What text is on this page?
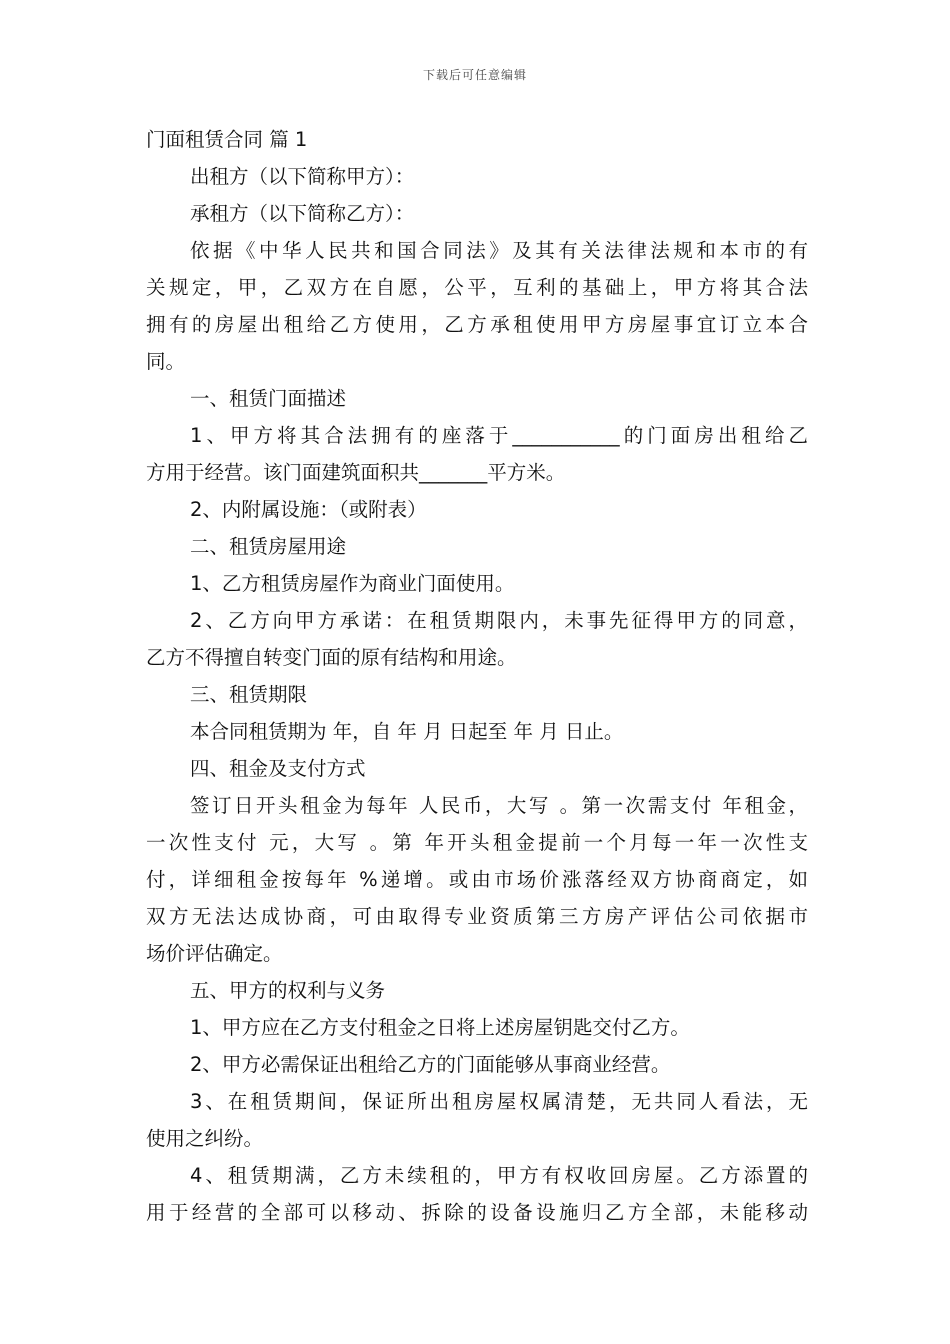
下载后可任意编辑
门面租赁合同 篇 1
出租方（以下简称甲方）：
承租方（以下简称乙方）：
依据《中华人民共和国合同法》及其有关法律法规和本市的有
关规定，甲，乙双方在自愿，公平，互利的基础上，甲方将其合法
拥有的房屋出租给乙方使用，乙方承租使用甲方房屋事宜订立本合
同。
一、租赁门面描述
1、甲方将其合法拥有的座落于___________的门面房出租给乙
方用于经营。该门面建筑面积共_______平方米。
2、内附属设施：（或附表）
二、租赁房屋用途
1、乙方租赁房屋作为商业门面使用。
2、乙方向甲方承诺：在租赁期限内，未事先征得甲方的同意，
乙方不得擅自转变门面的原有结构和用途。
三、租赁期限
本合同租赁期为 年，自 年 月 日起至 年 月 日止。
四、租金及支付方式
签订日开头租金为每年 人民币，大写 。第一次需支付 年租金，
一次性支付 元，大写 。第 年开头租金提前一个月每一年一次性支
付，详细租金按每年 %递增。或由市场价涨落经双方协商商定，如
双方无法达成协商，可由取得专业资质第三方房产评估公司依据市
场价评估确定。
五、甲方的权利与义务
1、甲方应在乙方支付租金之日将上述房屋钥匙交付乙方。
2、甲方必需保证出租给乙方的门面能够从事商业经营。
3、在租赁期间，保证所出租房屋权属清楚，无共同人看法，无
使用之纠纷。
4、租赁期满，乙方未续租的，甲方有权收回房屋。乙方添置的
用于经营的全部可以移动、拆除的设备设施归乙方全部，未能移动
